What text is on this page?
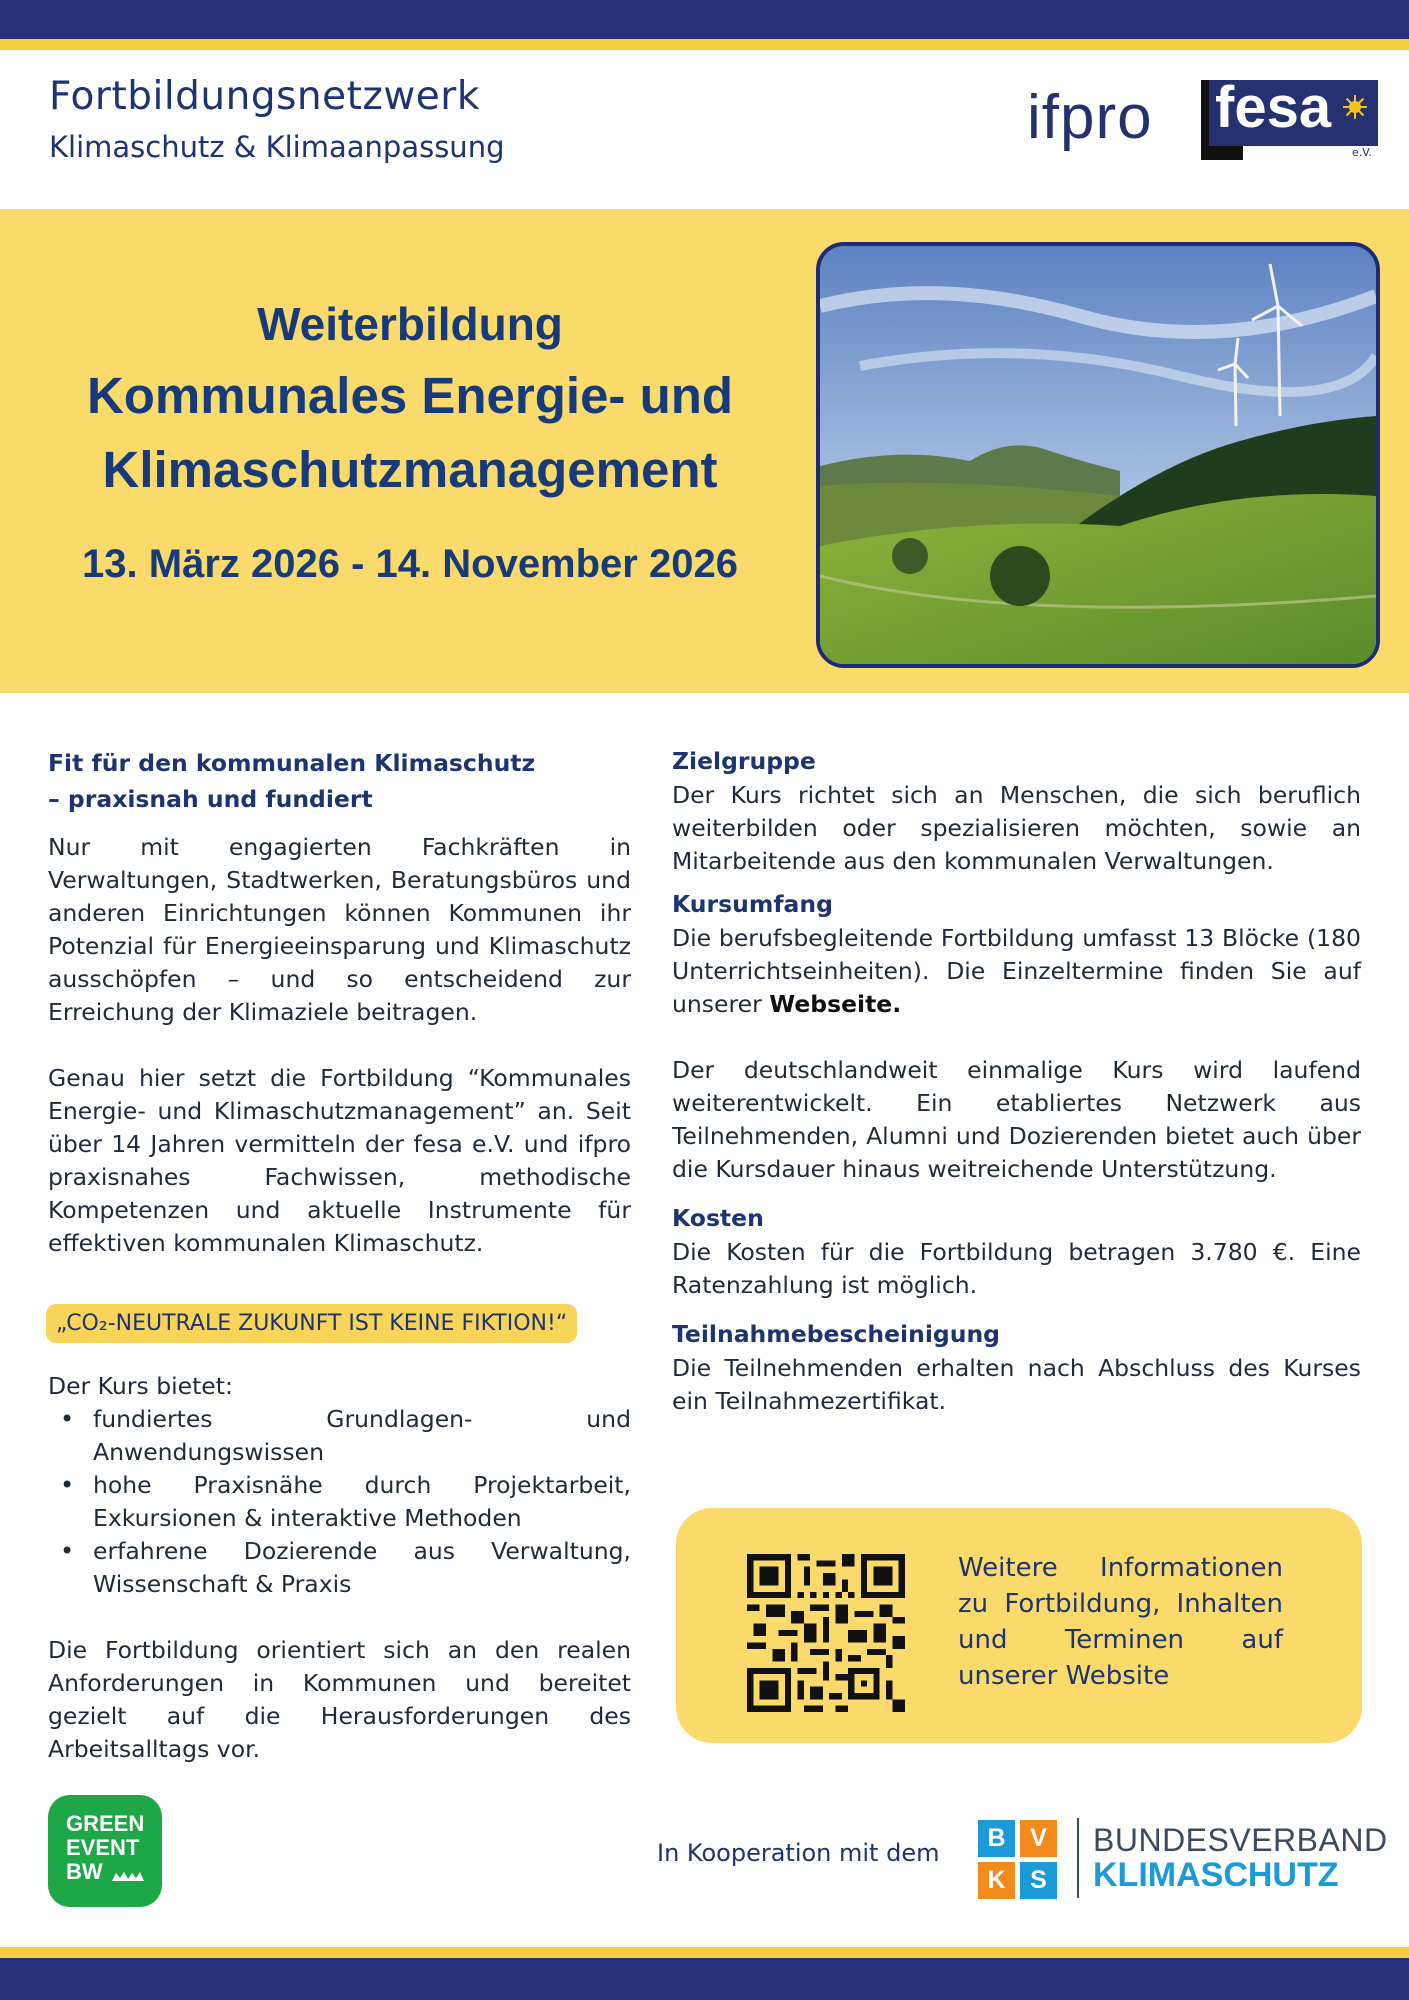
Fortbildungsnetzwerk
Klimaschutz & Klimaanpassung	ifpro fesa
e.V.
Weiterbildung
Kommunales Energie- und
Klimaschutzmanagement
13. März 2026 - 14. November 2026
Fit für den kommunalen Klimaschutz
– praxisnah und fundiert

Nur mit engagierten Fachkräften in Verwaltungen, Stadtwerken, Beratungsbüros und anderen Einrichtungen können Kommunen ihr Potenzial für Energieeinsparung und Klimaschutz ausschöpfen – und so entscheidend zur Erreichung der Klimaziele beitragen.

Genau hier setzt die Fortbildung “Kommunales Energie- und Klimaschutzmanagement” an. Seit über 14 Jahren vermitteln der fesa e.V. und ifpro praxisnahes Fachwissen, methodische Kompetenzen und aktuelle Instrumente für effektiven kommunalen Klimaschutz.

„CO₂-NEUTRALE ZUKUNFT IST KEINE FIKTION!“

Der Kurs bietet:

• fundiertes Grundlagen- und Anwendungswissen
• hohe Praxisnähe durch Projektarbeit, Exkursionen & interaktive Methoden
• erfahrene Dozierende aus Verwaltung, Wissenschaft & Praxis

Die Fortbildung orientiert sich an den realen Anforderungen in Kommunen und bereitet gezielt auf die Herausforderungen des Arbeitsalltags vor.

Zielgruppe

Der Kurs richtet sich an Menschen, die sich beruflich weiterbilden oder spezialisieren möchten, sowie an Mitarbeitende aus den kommunalen Verwaltungen.

Kursumfang

Die berufsbegleitende Fortbildung umfasst 13 Blöcke (180 Unterrichtseinheiten). Die Einzeltermine finden Sie auf unserer Webseite.

Der deutschlandweit einmalige Kurs wird laufend weiterentwickelt. Ein etabliertes Netzwerk aus Teilnehmenden, Alumni und Dozierenden bietet auch über die Kursdauer hinaus weitreichende Unterstützung.

Kosten

Die Kosten für die Fortbildung betragen 3.780 €. Eine Ratenzahlung ist möglich.

Teilnahmebescheinigung

Die Teilnehmenden erhalten nach Abschluss des Kurses ein Teilnahmezertifikat.

Weitere Informationen zu Fortbildung, Inhalten und Terminen auf unserer Website

GREEN
EVENT
BW

In Kooperation mit dem

B V
K S

BUNDESVERBAND

KLIMASCHUTZ
